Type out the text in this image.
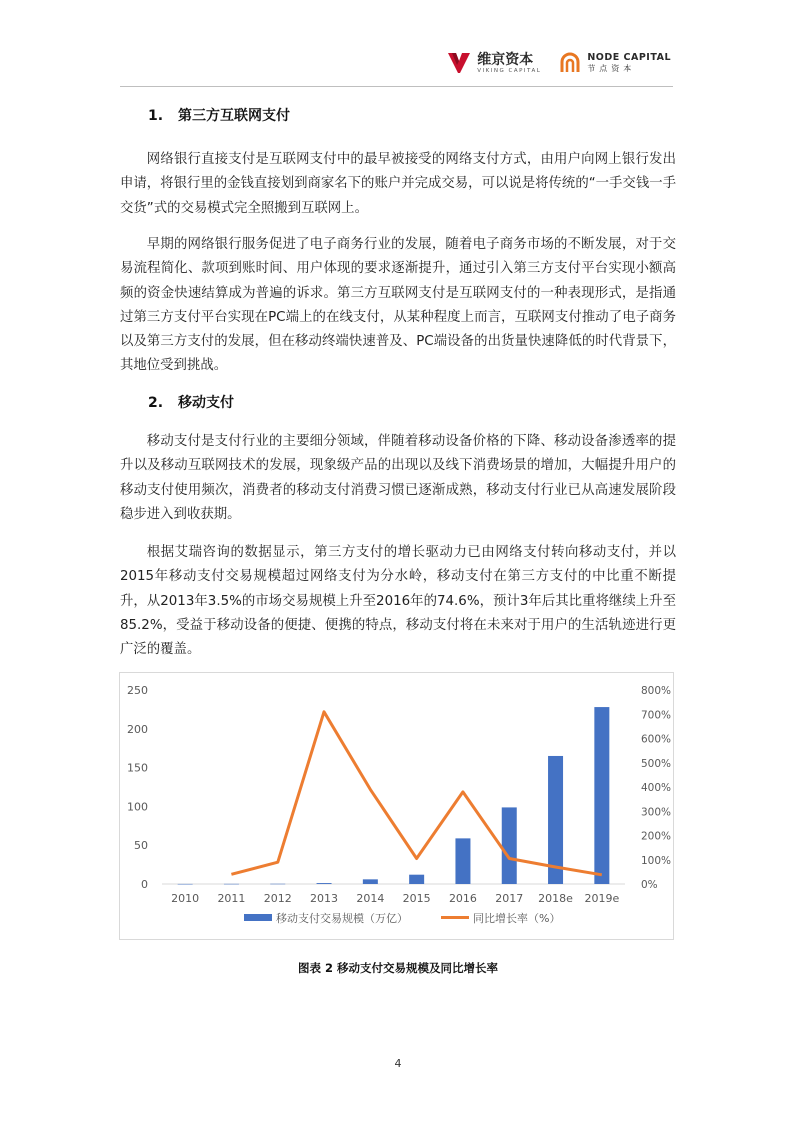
维京资本
VIKING CAPITAL
NODE CAPITAL
节点资本
1. 第三方互联网支付

网络银行直接支付是互联网支付中的最早被接受的网络支付方式，由用户向网上银行发出申请，将银行里的金钱直接划到商家名下的账户并完成交易，可以说是将传统的“一手交钱一手交货”式的交易模式完全照搬到互联网上。

早期的网络银行服务促进了电子商务行业的发展，随着电子商务市场的不断发展，对于交易流程简化、款项到账时间、用户体现的要求逐渐提升，通过引入第三方支付平台实现小额高频的资金快速结算成为普遍的诉求。第三方互联网支付是互联网支付的一种表现形式，是指通过第三方支付平台实现在PC端上的在线支付，从某种程度上而言，互联网支付推动了电子商务以及第三方支付的发展，但在移动终端快速普及、PC端设备的出货量快速降低的时代背景下，其地位受到挑战。

2. 移动支付

移动支付是支付行业的主要细分领域，伴随着移动设备价格的下降、移动设备渗透率的提升以及移动互联网技术的发展，现象级产品的出现以及线下消费场景的增加，大幅提升用户的移动支付使用频次，消费者的移动支付消费习惯已逐渐成熟，移动支付行业已从高速发展阶段稳步进入到收获期。

根据艾瑞咨询的数据显示，第三方支付的增长驱动力已由网络支付转向移动支付，并以2015年移动支付交易规模超过网络支付为分水岭，移动支付在第三方支付的中比重不断提升，从2013年3.5%的市场交易规模上升至2016年的74.6%，预计3年后其比重将继续上升至85.2%，受益于移动设备的便捷、便携的特点，移动支付将在未来对于用户的生活轨迹进行更广泛的覆盖。

0
50
100
150
200
250
0%
100%
200%
300%
400%
500%
600%
700%
800%
2010 2011 2012 2013 2014 2015 2016 2017 2018e 2019e
移动支付交易规模（万亿）	同比增长率（%）
图表 2 移动支付交易规模及同比增长率
4
